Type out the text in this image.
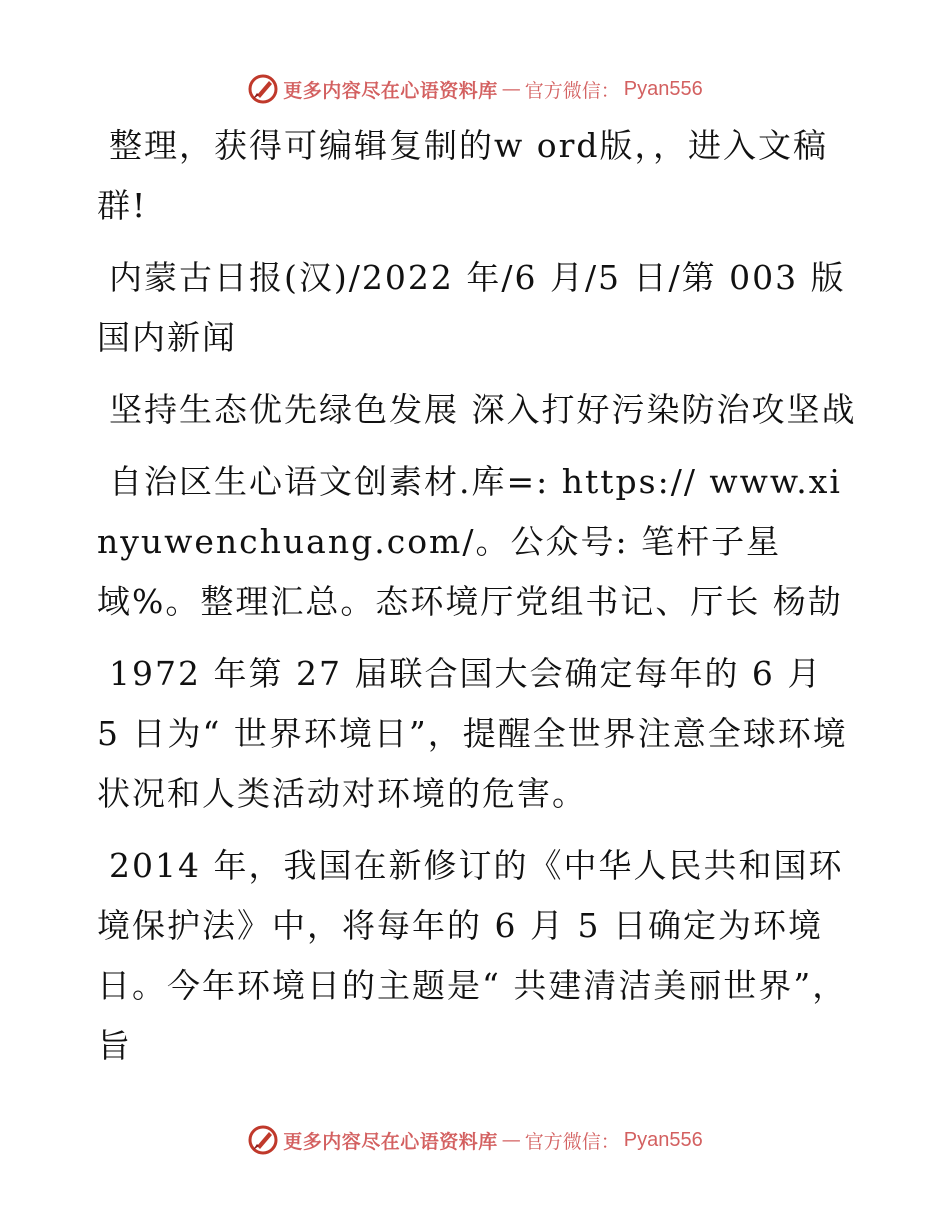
更多内容尽在心语资料库 — 官方微信： Pyan556

整理，获得可编辑复制的w ord版，，进入文稿群!

内蒙古日报(汉)/2022 年/6 月/5 日/第 003 版国内新闻

坚持生态优先绿色发展 深入打好污染防治攻坚战

自治区生心语文创素材.库=: https:// www.xinyuwenchuang.com/。公众号: 笔杆子星域%。整理汇总。态环境厅党组书记、厅长 杨劼

1972 年第 27 届联合国大会确定每年的 6 月 5 日为“ 世界环境日”，提醒全世界注意全球环境状况和人类活动对环境的危害。

2014 年，我国在新修订的《中华人民共和国环境保护法》中，将每年的 6 月 5 日确定为环境日。今年环境日的主题是“ 共建清洁美丽世界”，旨

更多内容尽在心语资料库 — 官方微信： Pyan556
